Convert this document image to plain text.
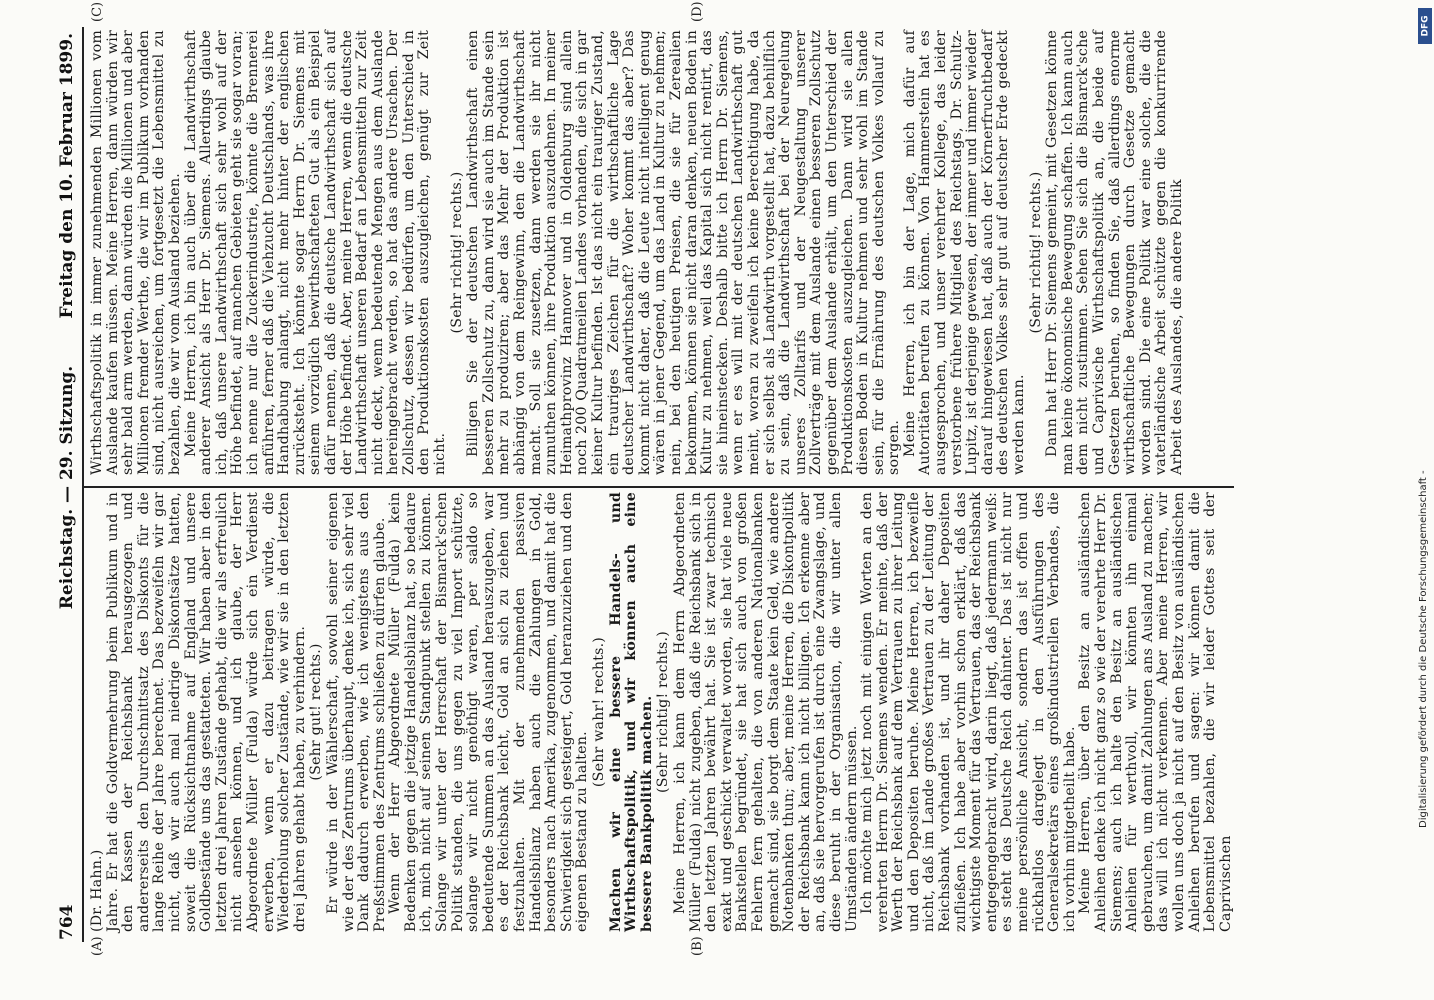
764
Reichstag. — 29. Sitzung.
Freitag den 10. Februar 1899.
(A)	(B)
(C)	(D)

(Dr. Hahn.) Jahre. Er hat die Goldvermehrung beim Publikum und in den Kassen der Reichsbank herausgezogen und andererseits den Durchschnittsatz des Diskonts für die lange Reihe der Jahre berechnet. Das bezweifeln wir gar nicht, daß wir auch mal niedrige Diskontsätze hatten, soweit die Rücksichtnahme auf England und unsere Goldbestände uns das gestatteten. Wir haben aber in den letzten drei Jahren Zustände gehabt, die wir als erfreulich nicht ansehen können, und ich glaube, der Herr Abgeordnete Müller (Fulda) würde sich ein Verdienst erwerben, wenn er dazu beitragen würde, die Wiederholung solcher Zustände, wie wir sie in den letzten drei Jahren gehabt haben, zu verhindern. (Sehr gut! rechts.) Er würde in der Wählerschaft, sowohl seiner eigenen wie der des Zentrums überhaupt, denke ich, sich sehr viel Dank dadurch erwerben, wie ich wenigstens aus den Preßstimmen des Zentrums schließen zu dürfen glaube. Wenn der Herr Abgeordnete Müller (Fulda) kein Bedenken gegen die jetzige Handelsbilanz hat, so bedaure ich, mich nicht auf seinen Standpunkt stellen zu können. Solange wir unter der Herrschaft der Bismarck'schen Politik standen, die uns gegen zu viel Import schützte, solange wir nicht genöthigt waren, per saldo so bedeutende Summen an das Ausland herauszugeben, war es der Reichsbank leicht, Gold an sich zu ziehen und festzuhalten. Mit der zunehmenden passiven Handelsbilanz haben auch die Zahlungen in Gold, besonders nach Amerika, zugenommen, und damit hat die Schwierigkeit sich gesteigert, Gold heranzuziehen und den eigenen Bestand zu halten.

(Sehr wahr! rechts.) Machen wir eine bessere Handels- und Wirthschaftspolitik, und wir können auch eine bessere Bankpolitik machen. (Sehr richtig! rechts.) Meine Herren, ich kann dem Herrn Abgeordneten Müller (Fulda) nicht zugeben, daß die Reichsbank sich in den letzten Jahren bewährt hat. Sie ist zwar technisch exakt und geschickt verwaltet worden, sie hat viele neue Bankstellen begründet, sie hat sich auch von großen Fehlern fern gehalten, die von anderen Nationalbanken gemacht sind, sie borgt dem Staate kein Geld, wie andere Notenbanken thun; aber, meine Herren, die Diskontpolitik der Reichsbank kann ich nicht billigen. Ich erkenne aber an, daß sie hervorgerufen ist durch eine Zwangslage, und diese beruht in der Organisation, die wir unter allen Umständen ändern müssen. Ich möchte mich jetzt noch mit einigen Worten an den verehrten Herrn Dr. Siemens wenden. Er meinte, daß der Werth der Reichsbank auf dem Vertrauen zu ihrer Leitung und den Depositen beruhe. Meine Herren, ich bezweifle nicht, daß im Lande großes Vertrauen zu der Leitung der Reichsbank vorhanden ist, und ihr daher Depositen zufließen. Ich habe aber vorhin schon erklärt, daß das wichtigste Moment für das Vertrauen, das der Reichsbank entgegengebracht wird, darin liegt, daß jedermann weiß: es steht das Deutsche Reich dahinter. Das ist nicht nur meine persönliche Ansicht, sondern das ist offen und rückhaltlos dargelegt in den Ausführungen des Generalsekretärs eines großindustriellen Verbandes, die ich vorhin mitgetheilt habe. Meine Herren, über den Besitz an ausländischen Anleihen denke ich nicht ganz so wie der verehrte Herr Dr. Siemens; auch ich halte den Besitz an ausländischen Anleihen für werthvoll, wir könnten ihn einmal gebrauchen, um damit Zahlungen ans Ausland zu machen; das will ich nicht verkennen. Aber meine Herren, wir wollen uns doch ja nicht auf den Besitz von ausländischen Anleihen berufen und sagen: wir können damit die Lebensmittel bezahlen, die wir leider Gottes seit der Caprivischen

Wirthschaftspolitik in immer zunehmenden Millionen vom Auslande kaufen müssen. Meine Herren, dann würden wir sehr bald arm werden, dann würden die Millionen und aber Millionen fremder Werthe, die wir im Publikum vorhanden sind, nicht ausreichen, um fortgesetzt die Lebensmittel zu bezahlen, die wir vom Ausland beziehen. Meine Herren, ich bin auch über die Landwirthschaft anderer Ansicht als Herr Dr. Siemens. Allerdings glaube ich, daß unsere Landwirthschaft sich sehr wohl auf der Höhe befindet, auf manchen Gebieten geht sie sogar voran; ich nenne nur die Zuckerindustrie, könnte die Brennerei anführen, ferner daß die Viehzucht Deutschlands, was ihre Handhabung anlangt, nicht mehr hinter der englischen zurücksteht. Ich könnte sogar Herrn Dr. Siemens mit seinem vorzüglich bewirthschafteten Gut als ein Beispiel dafür nennen, daß die deutsche Landwirthschaft sich auf der Höhe befindet. Aber, meine Herren, wenn die deutsche Landwirthschaft unseren Bedarf an Lebensmitteln zur Zeit nicht deckt, wenn bedeutende Mengen aus dem Auslande hereingebracht werden, so hat das andere Ursachen. Der Zollschutz, dessen wir bedürfen, um den Unterschied in den Produktionskosten auszugleichen, genügt zur Zeit nicht.

(Sehr richtig! rechts.) Billigen Sie der deutschen Landwirthschaft einen besseren Zollschutz zu, dann wird sie auch im Stande sein mehr zu produziren; aber das Mehr der Produktion ist abhängig von dem Reingewinn, den die Landwirthschaft macht. Soll sie zusetzen, dann werden sie ihr nicht zumuthen können, ihre Produktion auszudehnen. In meiner Heimathprovinz Hannover und in Oldenburg sind allein noch 200 Quadratmeilen Landes vorhanden, die sich in gar keiner Kultur befinden. Ist das nicht ein trauriger Zustand, ein trauriges Zeichen für die wirthschaftliche Lage deutscher Landwirthschaft? Woher kommt das aber? Das kommt nicht daher, daß die Leute nicht intelligent genug wären in jener Gegend, um das Land in Kultur zu nehmen; nein, bei den heutigen Preisen, die sie für Zerealien bekommen, können sie nicht daran denken, neuen Boden in Kultur zu nehmen, weil das Kapital sich nicht rentirt, das sie hineinstecken. Deshalb bitte ich Herrn Dr. Siemens, wenn er es will mit der deutschen Landwirthschaft gut meint, woran zu zweifeln ich keine Berechtigung habe, da er sich selbst als Landwirth vorgestellt hat, dazu behilflich zu sein, daß die Landwirthschaft bei der Neuregelung unseres Zolltarifs und der Neugestaltung unserer Zollverträge mit dem Auslande einen besseren Zollschutz gegenüber dem Auslande erhält, um den Unterschied der Produktionskosten auszugleichen. Dann wird sie allen diesen Boden in Kultur nehmen und sehr wohl im Stande sein, für die Ernährung des deutschen Volkes vollauf zu sorgen. Meine Herren, ich bin der Lage, mich dafür auf Autoritäten berufen zu können. Von Hammerstein hat es ausgesprochen, und unser verehrter Kollege, das leider verstorbene frühere Mitglied des Reichstags, Dr. Schultz-Lupitz, ist derjenige gewesen, der immer und immer wieder darauf hingewiesen hat, daß auch der Körnerfruchtbedarf des deutschen Volkes sehr gut auf deutscher Erde gedeckt werden kann.

(Sehr richtig! rechts.) Dann hat Herr Dr. Siemens gemeint, mit Gesetzen könne man keine ökonomische Bewegung schaffen. Ich kann auch dem nicht zustimmen. Sehen Sie sich die Bismarck'sche und Caprivische Wirthschaftspolitik an, die beide auf Gesetzen beruhen, so finden Sie, daß allerdings enorme wirthschaftliche Bewegungen durch Gesetze gemacht worden sind. Die eine Politik war eine solche, die die vaterländische Arbeit schützte gegen die konkurrirende Arbeit des Auslandes, die andere Politik

Digitalisierung gefördert durch die Deutsche Forschungsgemeinschaft -
DFG
